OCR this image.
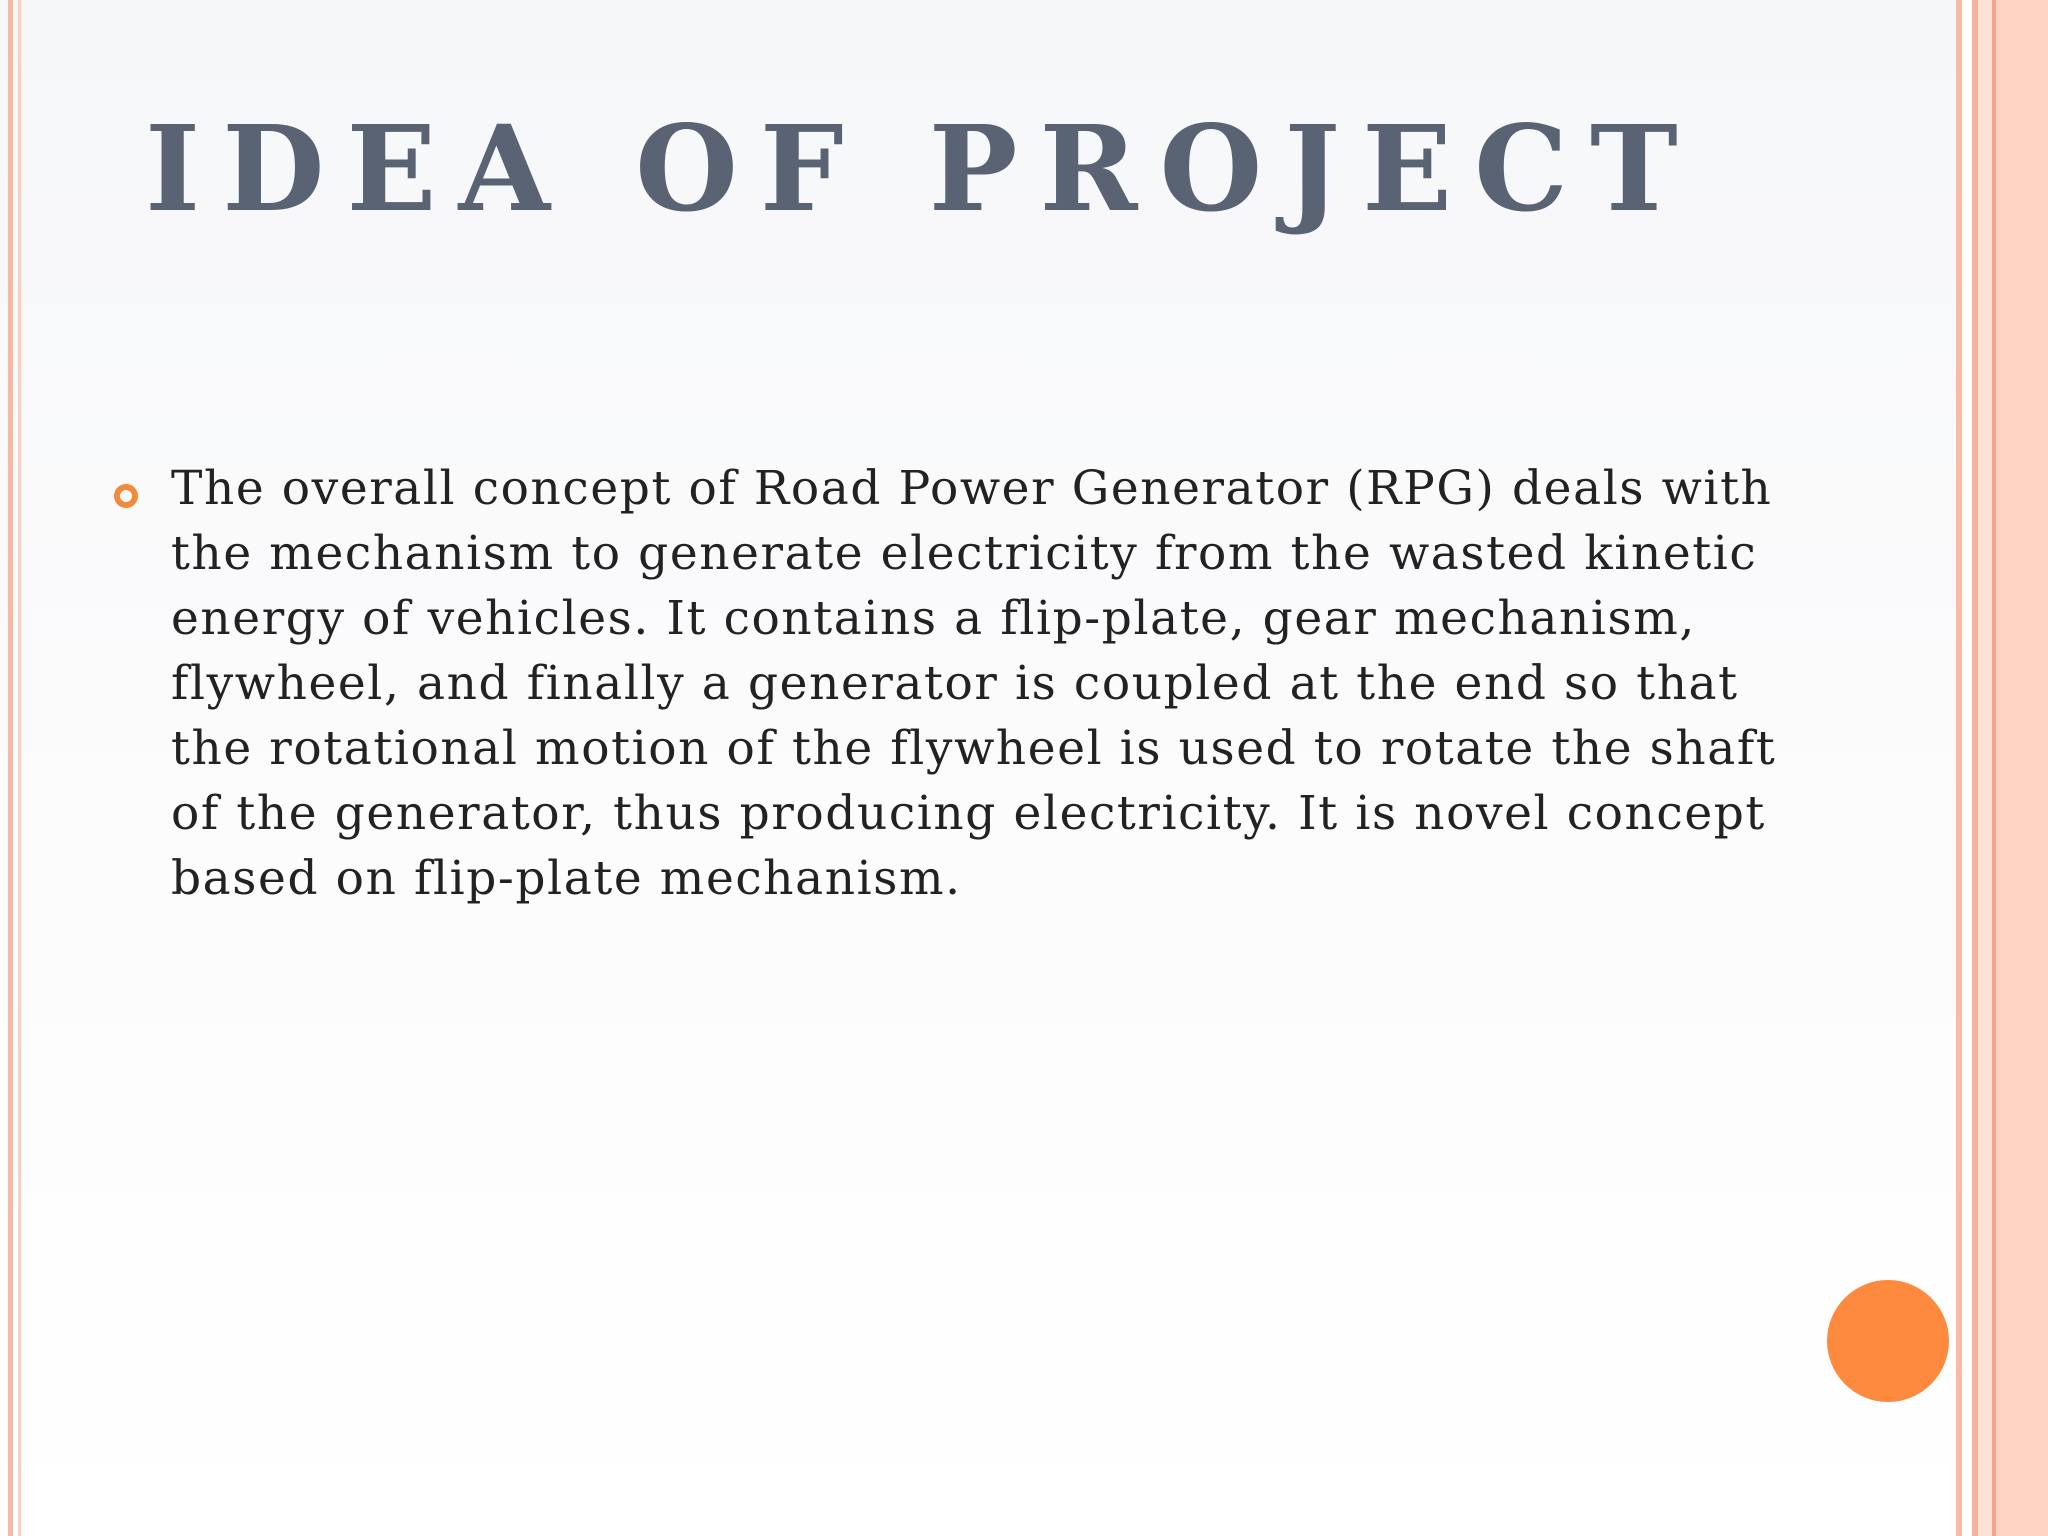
IDEA OF PROJECT

The overall concept of Road Power Generator (RPG) deals with the mechanism to generate electricity from the wasted kinetic energy of vehicles. It contains a flip-plate, gear mechanism, flywheel, and finally a generator is coupled at the end so that the rotational motion of the flywheel is used to rotate the shaft of the generator, thus producing electricity. It is novel concept based on flip-plate mechanism.
